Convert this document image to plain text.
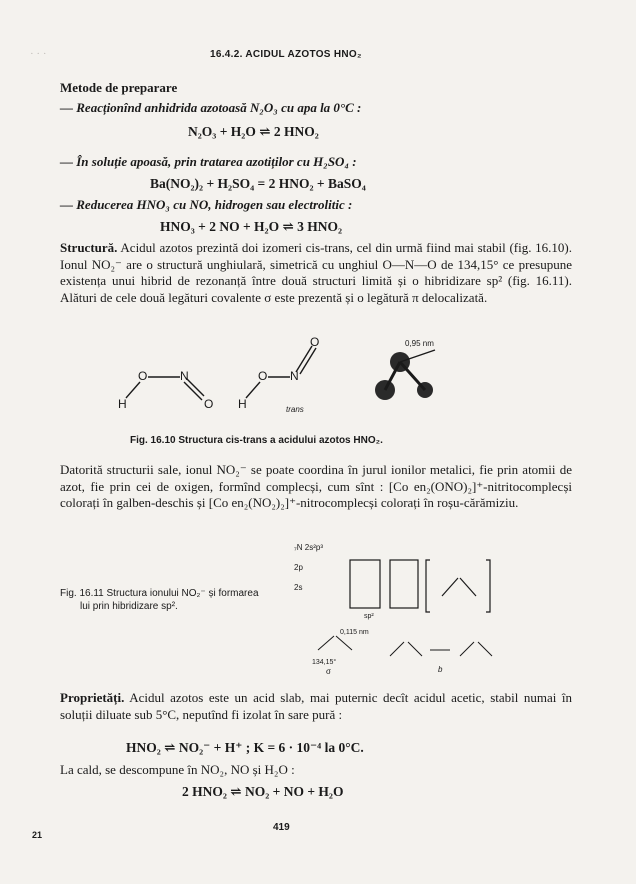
16.4.2. ACIDUL AZOTOS HNO₂
· · ·
Metode de preparare
— Reacționînd anhidrida azotoasă N₂O₃ cu apa la 0°C :
N₂O₃ + H₂O ⇌ 2 HNO₂
— În soluție apoasă, prin tratarea azotiților cu H₂SO₄ :
Ba(NO₂)₂ + H₂SO₄ = 2 HNO₂ + BaSO₄
— Reducerea HNO₃ cu NO, hidrogen sau electrolitic :
HNO₃ + 2 NO + H₂O ⇌ 3 HNO₂
Structură. Acidul azotos prezintă doi izomeri cis-trans, cel din urmă fiind mai stabil (fig. 16.10). Ionul NO₂⁻ are o structură unghiulară, simetrică cu unghiul O—N—O de 134,15° ce presupune existența unui hibrid de rezonanță între două structuri limită și o hibridizare sp² (fig. 16.11). Alături de cele două legături covalente σ este prezentă și o legătură π delocalizată.
O	N
O
H
O N
O
H	trans
0,95 nm
Fig. 16.10 Structura cis-trans a acidului azotos HNO₂.
Datorită structurii sale, ionul NO₂⁻ se poate coordina în jurul ionilor metalici, fie prin atomii de azot, fie prin cei de oxigen, formînd complecși, cum sînt : [Co en₂(ONO)₂]⁺-nitritocomplecși colorați în galben-deschis și [Co en₂(NO₂)₂]⁺-nitrocomplecși colorați în roșu-cărămiziu.
Fig. 16.11 Structura ionului NO₂⁻ și formarea
lui prin hibridizare sp².
₇N 2s²p³
2p
2s
sp²
134,15°
0,115 nm
σ	b
Proprietăți. Acidul azotos este un acid slab, mai puternic decît acidul acetic, stabil numai în soluții diluate sub 5°C, neputînd fi izolat în sare pură :
HNO₂ ⇌ NO₂⁻ + H⁺ ; K = 6 · 10⁻⁴ la 0°C.
La cald, se descompune în NO₂, NO și H₂O :
2 HNO₂ ⇌ NO₂ + NO + H₂O
419
21
